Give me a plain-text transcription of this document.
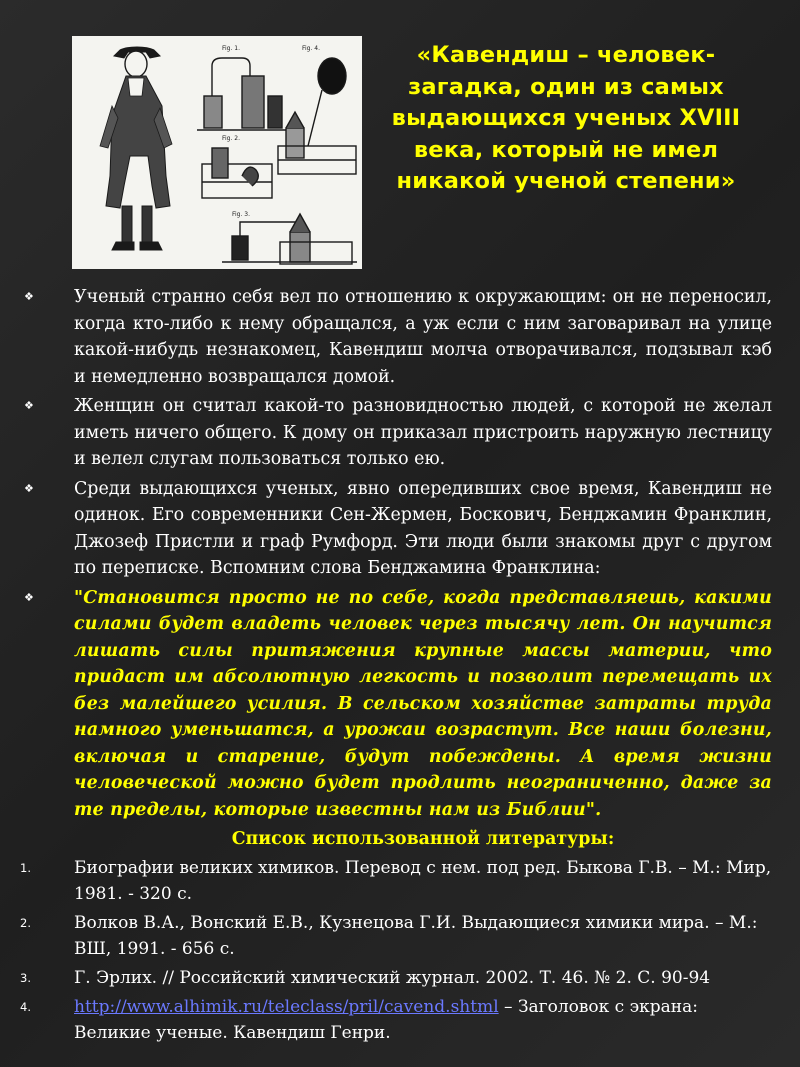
Fig. 1.	Fig. 4.
Fig. 2.
Fig. 3.
«Кавендиш – человек-загадка, один из самых выдающихся ученых XVIII века, который не имел никакой ученой степени»
❖ Ученый странно себя вел по отношению к окружающим: он не переносил, когда кто-либо к нему обращался, а уж если с ним заговаривал на улице какой-нибудь незнакомец, Кавендиш молча отворачивался, подзывал кэб и немедленно возвращался домой.
❖ Женщин он считал какой-то разновидностью людей, с которой не желал иметь ничего общего. К дому он приказал пристроить наружную лестницу и велел слугам пользоваться только ею.
❖ Среди выдающихся ученых, явно опередивших свое время, Кавендиш не одинок. Его современники Сен-Жермен, Боскович, Бенджамин Франклин, Джозеф Пристли и граф Румфорд. Эти люди были знакомы друг с другом по переписке. Вспомним слова Бенджамина Франклина:
❖ "Становится просто не по себе, когда представляешь, какими силами будет владеть человек через тысячу лет. Он научится лишать силы притяжения крупные массы материи, что придаст им абсолютную легкость и позволит перемещать их без малейшего усилия. В сельском хозяйстве затраты труда намного уменьшатся, а урожаи возрастут. Все наши болезни, включая и старение, будут побеждены. А время жизни человеческой можно будет продлить неограниченно, даже за те пределы, которые известны нам из Библии".
Список использованной литературы:
1.	Биографии великих химиков. Перевод с нем. под ред. Быкова Г.В. – М.: Мир, 1981. - 320 с.
2.	Волков В.А., Вонский Е.В., Кузнецова Г.И. Выдающиеся химики мира. – М.: ВШ, 1991. - 656 с.
3.	Г. Эрлих. // Российский химический журнал. 2002. Т. 46. № 2. С. 90-94
4.	http://www.alhimik.ru/teleclass/pril/cavend.shtml – Заголовок с экрана: Великие ученые. Кавендиш Генри.
